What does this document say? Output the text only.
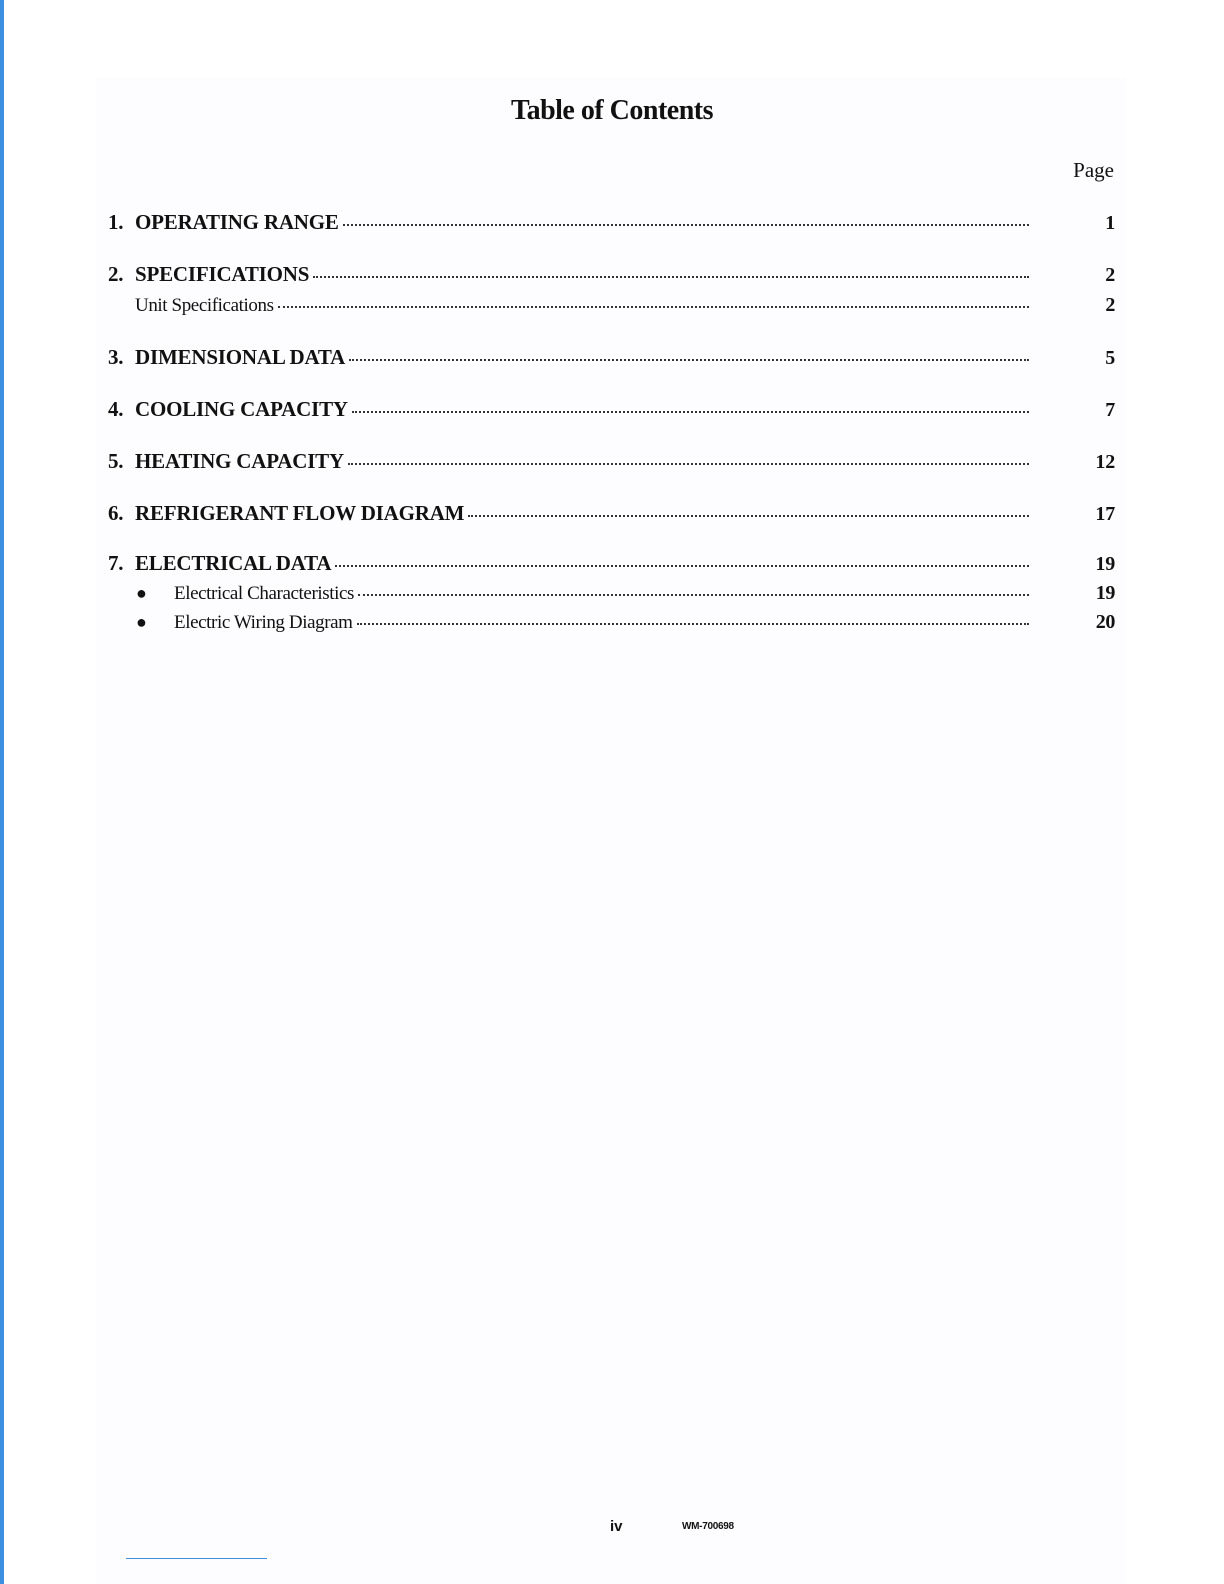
Table of Contents
Page
1. OPERATING RANGE	1
2. SPECIFICATIONS	2
Unit Specifications	2
3. DIMENSIONAL DATA	5
4. COOLING CAPACITY	7
5. HEATING CAPACITY	12
6. REFRIGERANT FLOW DIAGRAM	17
7. ELECTRICAL DATA	19
●	Electrical Characteristics	19
●	Electric Wiring Diagram	20
iv	WM-700698
